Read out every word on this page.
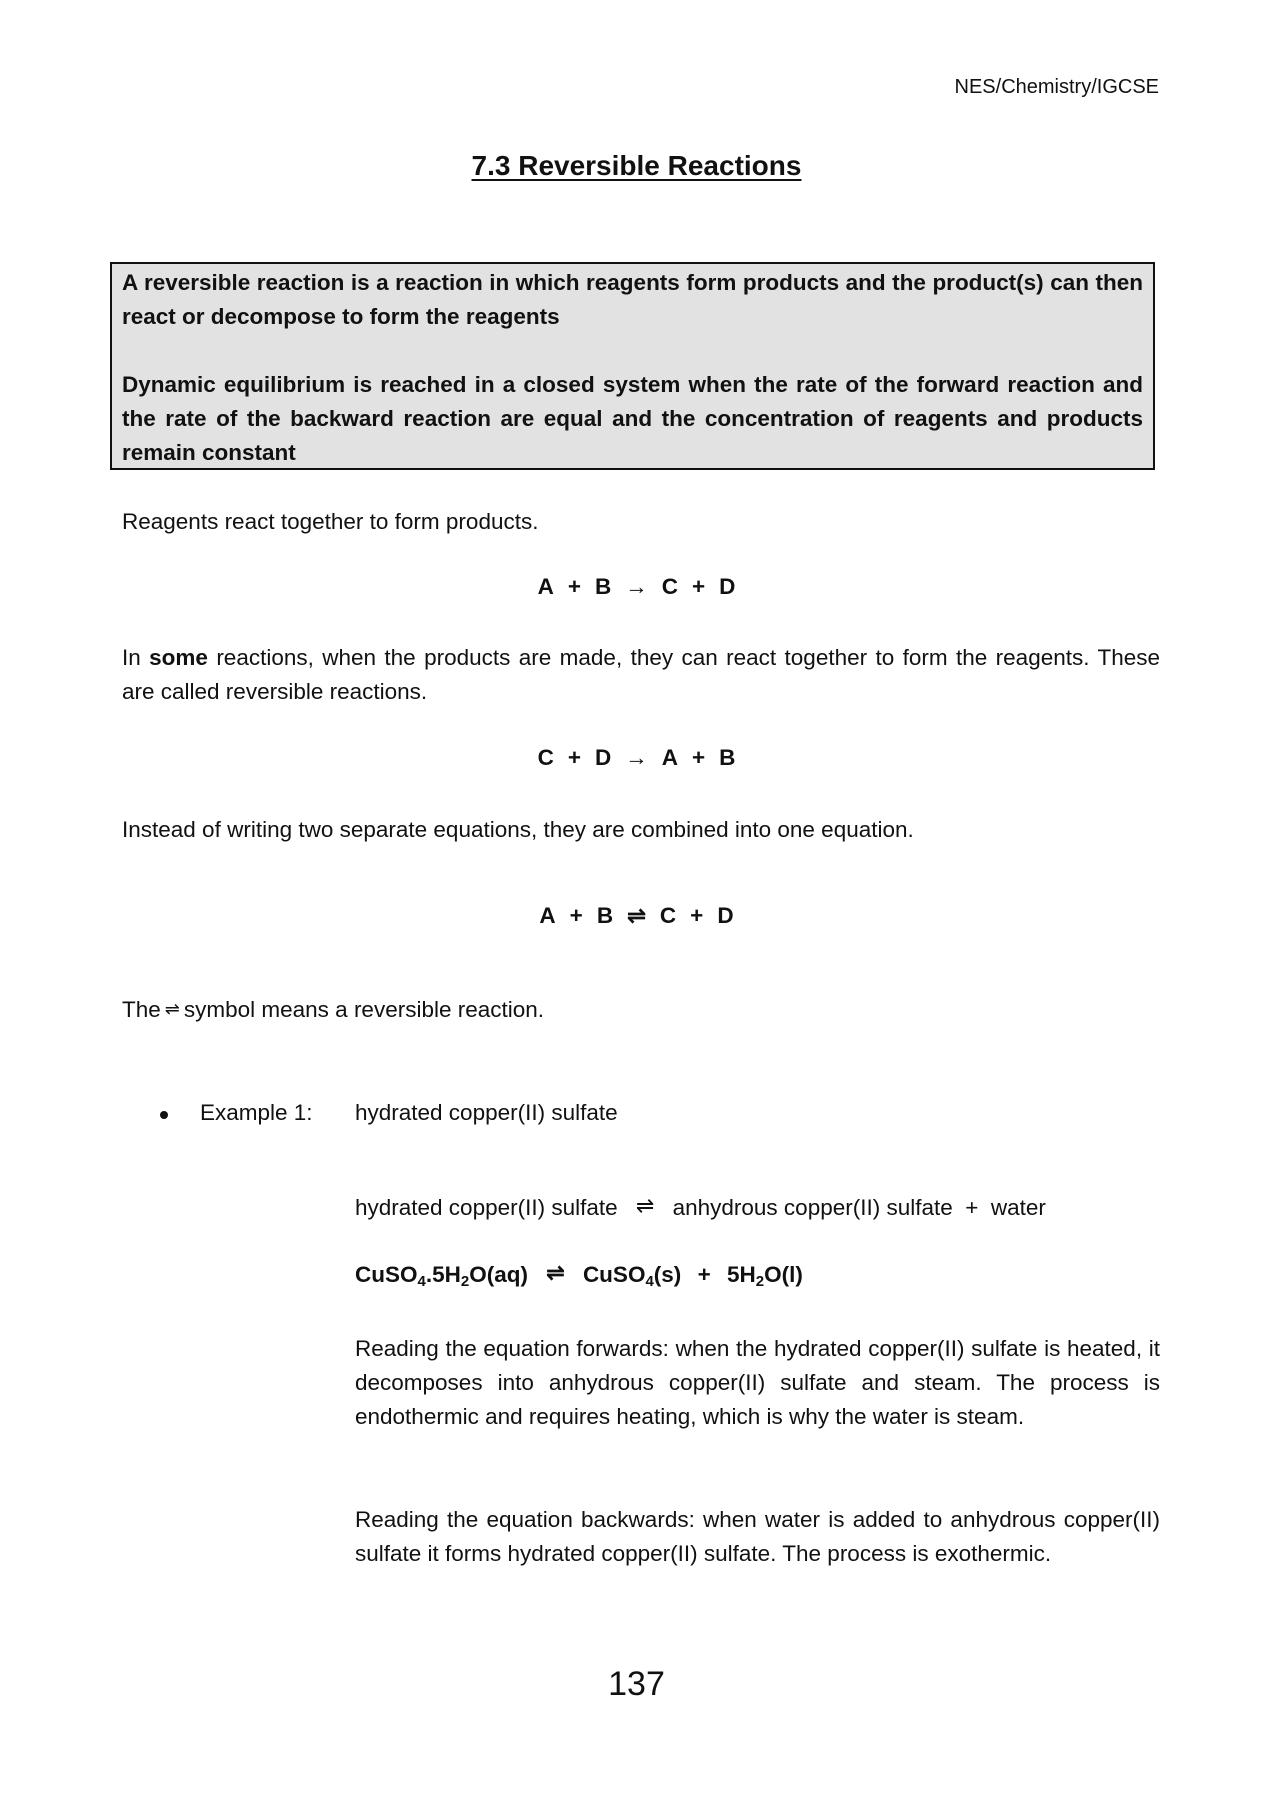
NES/Chemistry/IGCSE
7.3 Reversible Reactions

A reversible reaction is a reaction in which reagents form products and the product(s) can then react or decompose to form the reagents

Dynamic equilibrium is reached in a closed system when the rate of the forward reaction and the rate of the backward reaction are equal and the concentration of reagents and products remain constant

Reagents react together to form products.
A + B → C + D
In some reactions, when the products are made, they can react together to form the reagents. These are called reversible reactions.
C + D → A + B
Instead of writing two separate equations, they are combined into one equation.
A + B ⇌ C + D
The ⇌ symbol means a reversible reaction.
Example 1: hydrated copper(II) sulfate
hydrated copper(II) sulfate ⇌ anhydrous copper(II) sulfate  +  water
$CuSO_4.5H_2O(aq)$ ⇌ CuSO$_4$(s) + $5H_2O(l)$
Reading the equation forwards: when the hydrated copper(II) sulfate is heated, it decomposes into anhydrous copper(II) sulfate and steam. The process is endothermic and requires heating, which is why the water is steam.
Reading the equation backwards: when water is added to anhydrous copper(II) sulfate it forms hydrated copper(II) sulfate. The process is exothermic.
137
